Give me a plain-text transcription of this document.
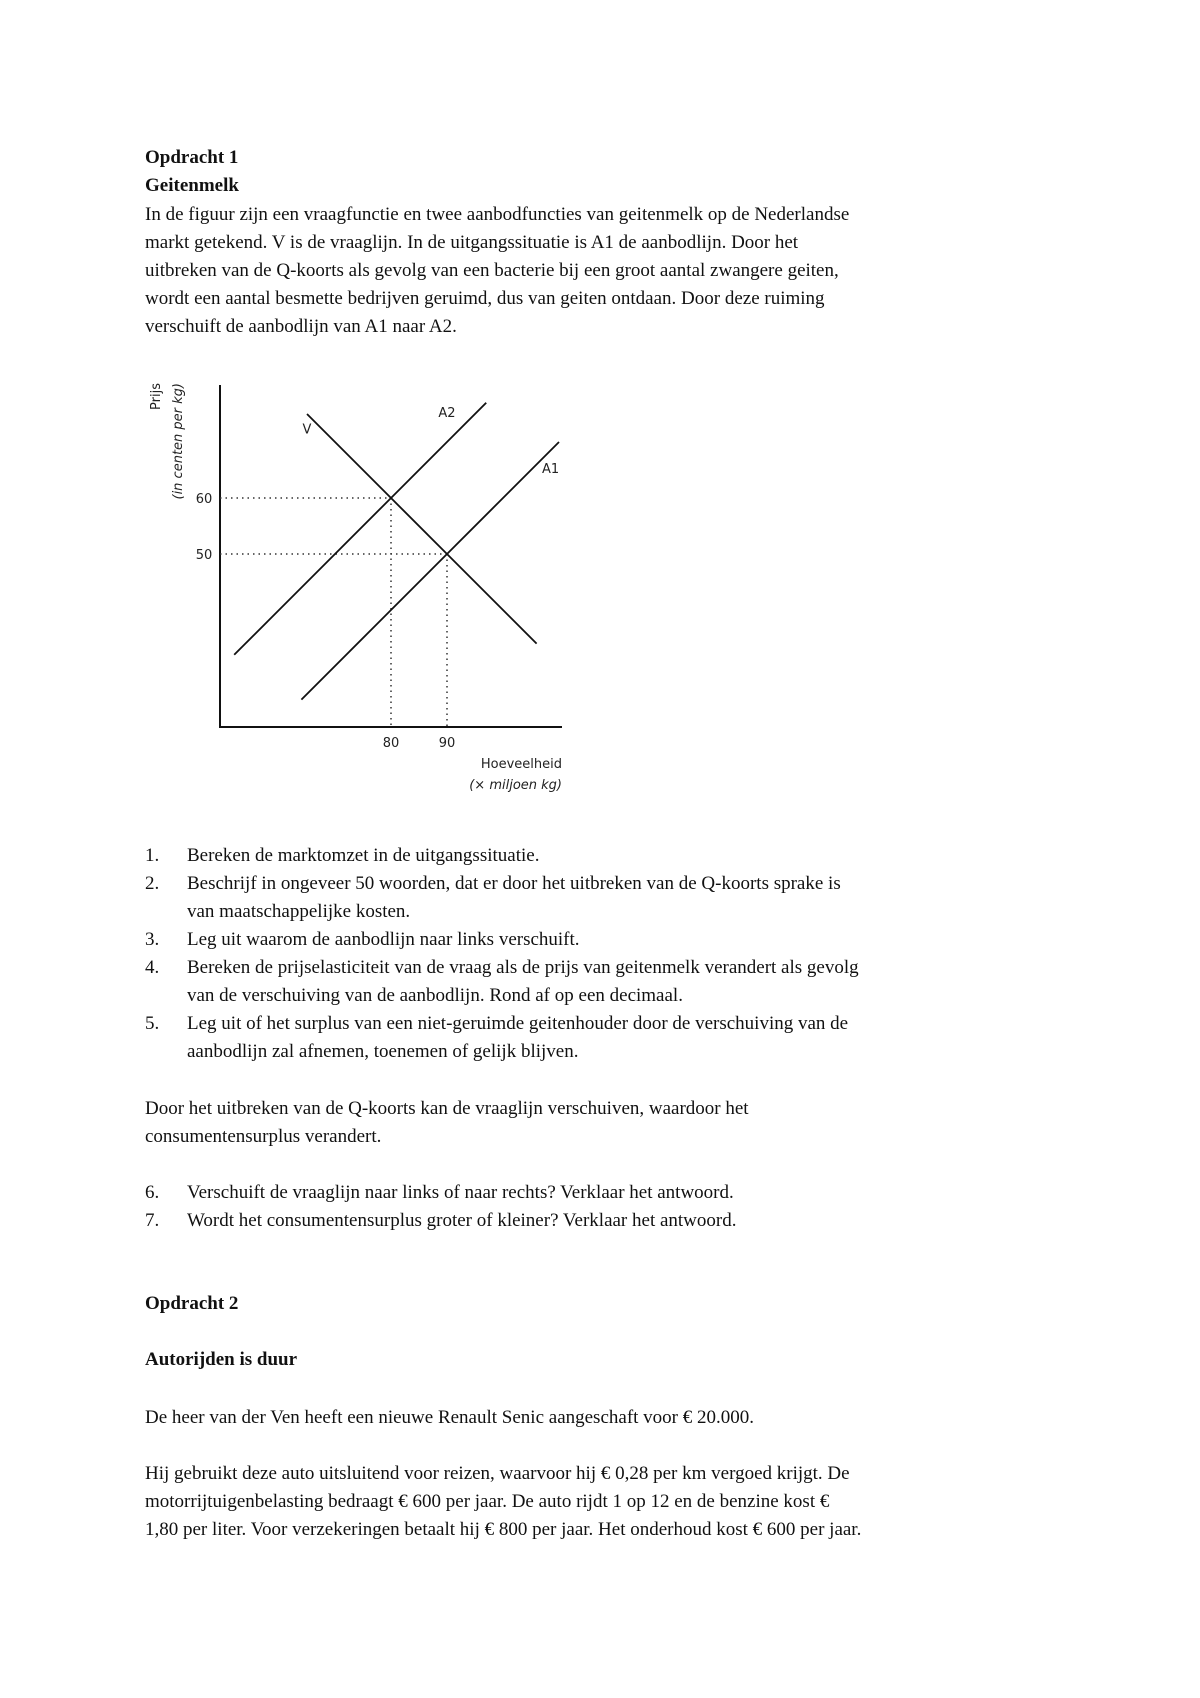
Opdracht 1
Geitenmelk
In de figuur zijn een vraagfunctie en twee aanbodfuncties van geitenmelk op de Nederlandse
markt getekend. V is de vraaglijn. In de uitgangssituatie is A1 de aanbodlijn. Door het
uitbreken van de Q-koorts als gevolg van een bacterie bij een groot aantal zwangere geiten,
wordt een aantal besmette bedrijven geruimd, dus van geiten ontdaan. Door deze ruiming
verschuift de aanbodlijn van A1 naar A2.
1. Bereken de marktomzet in de uitgangssituatie.
2. Beschrijf in ongeveer 50 woorden, dat er door het uitbreken van de Q-koorts sprake is
van maatschappelijke kosten.
3. Leg uit waarom de aanbodlijn naar links verschuift.
4. Bereken de prijselasticiteit van de vraag als de prijs van geitenmelk verandert als gevolg
van de verschuiving van de aanbodlijn. Rond af op een decimaal.
5. Leg uit of het surplus van een niet-geruimde geitenhouder door de verschuiving van de
aanbodlijn zal afnemen, toenemen of gelijk blijven.
Door het uitbreken van de Q-koorts kan de vraaglijn verschuiven, waardoor het
consumentensurplus verandert.
6. Verschuift de vraaglijn naar links of naar rechts? Verklaar het antwoord.
7. Wordt het consumentensurplus groter of kleiner? Verklaar het antwoord.
Opdracht 2
Autorijden is duur
De heer van der Ven heeft een nieuwe Renault Senic aangeschaft voor € 20.000.
Hij gebruikt deze auto uitsluitend voor reizen, waarvoor hij € 0,28 per km vergoed krijgt. De
motorrijtuigenbelasting bedraagt € 600 per jaar. De auto rijdt 1 op 12 en de benzine kost €
1,80 per liter. Voor verzekeringen betaalt hij € 800 per jaar. Het onderhoud kost € 600 per jaar.
Prijs (in centen per kg)
Hoeveelheid
(× miljoen kg)
V
A2
A1
60
50
80	90
